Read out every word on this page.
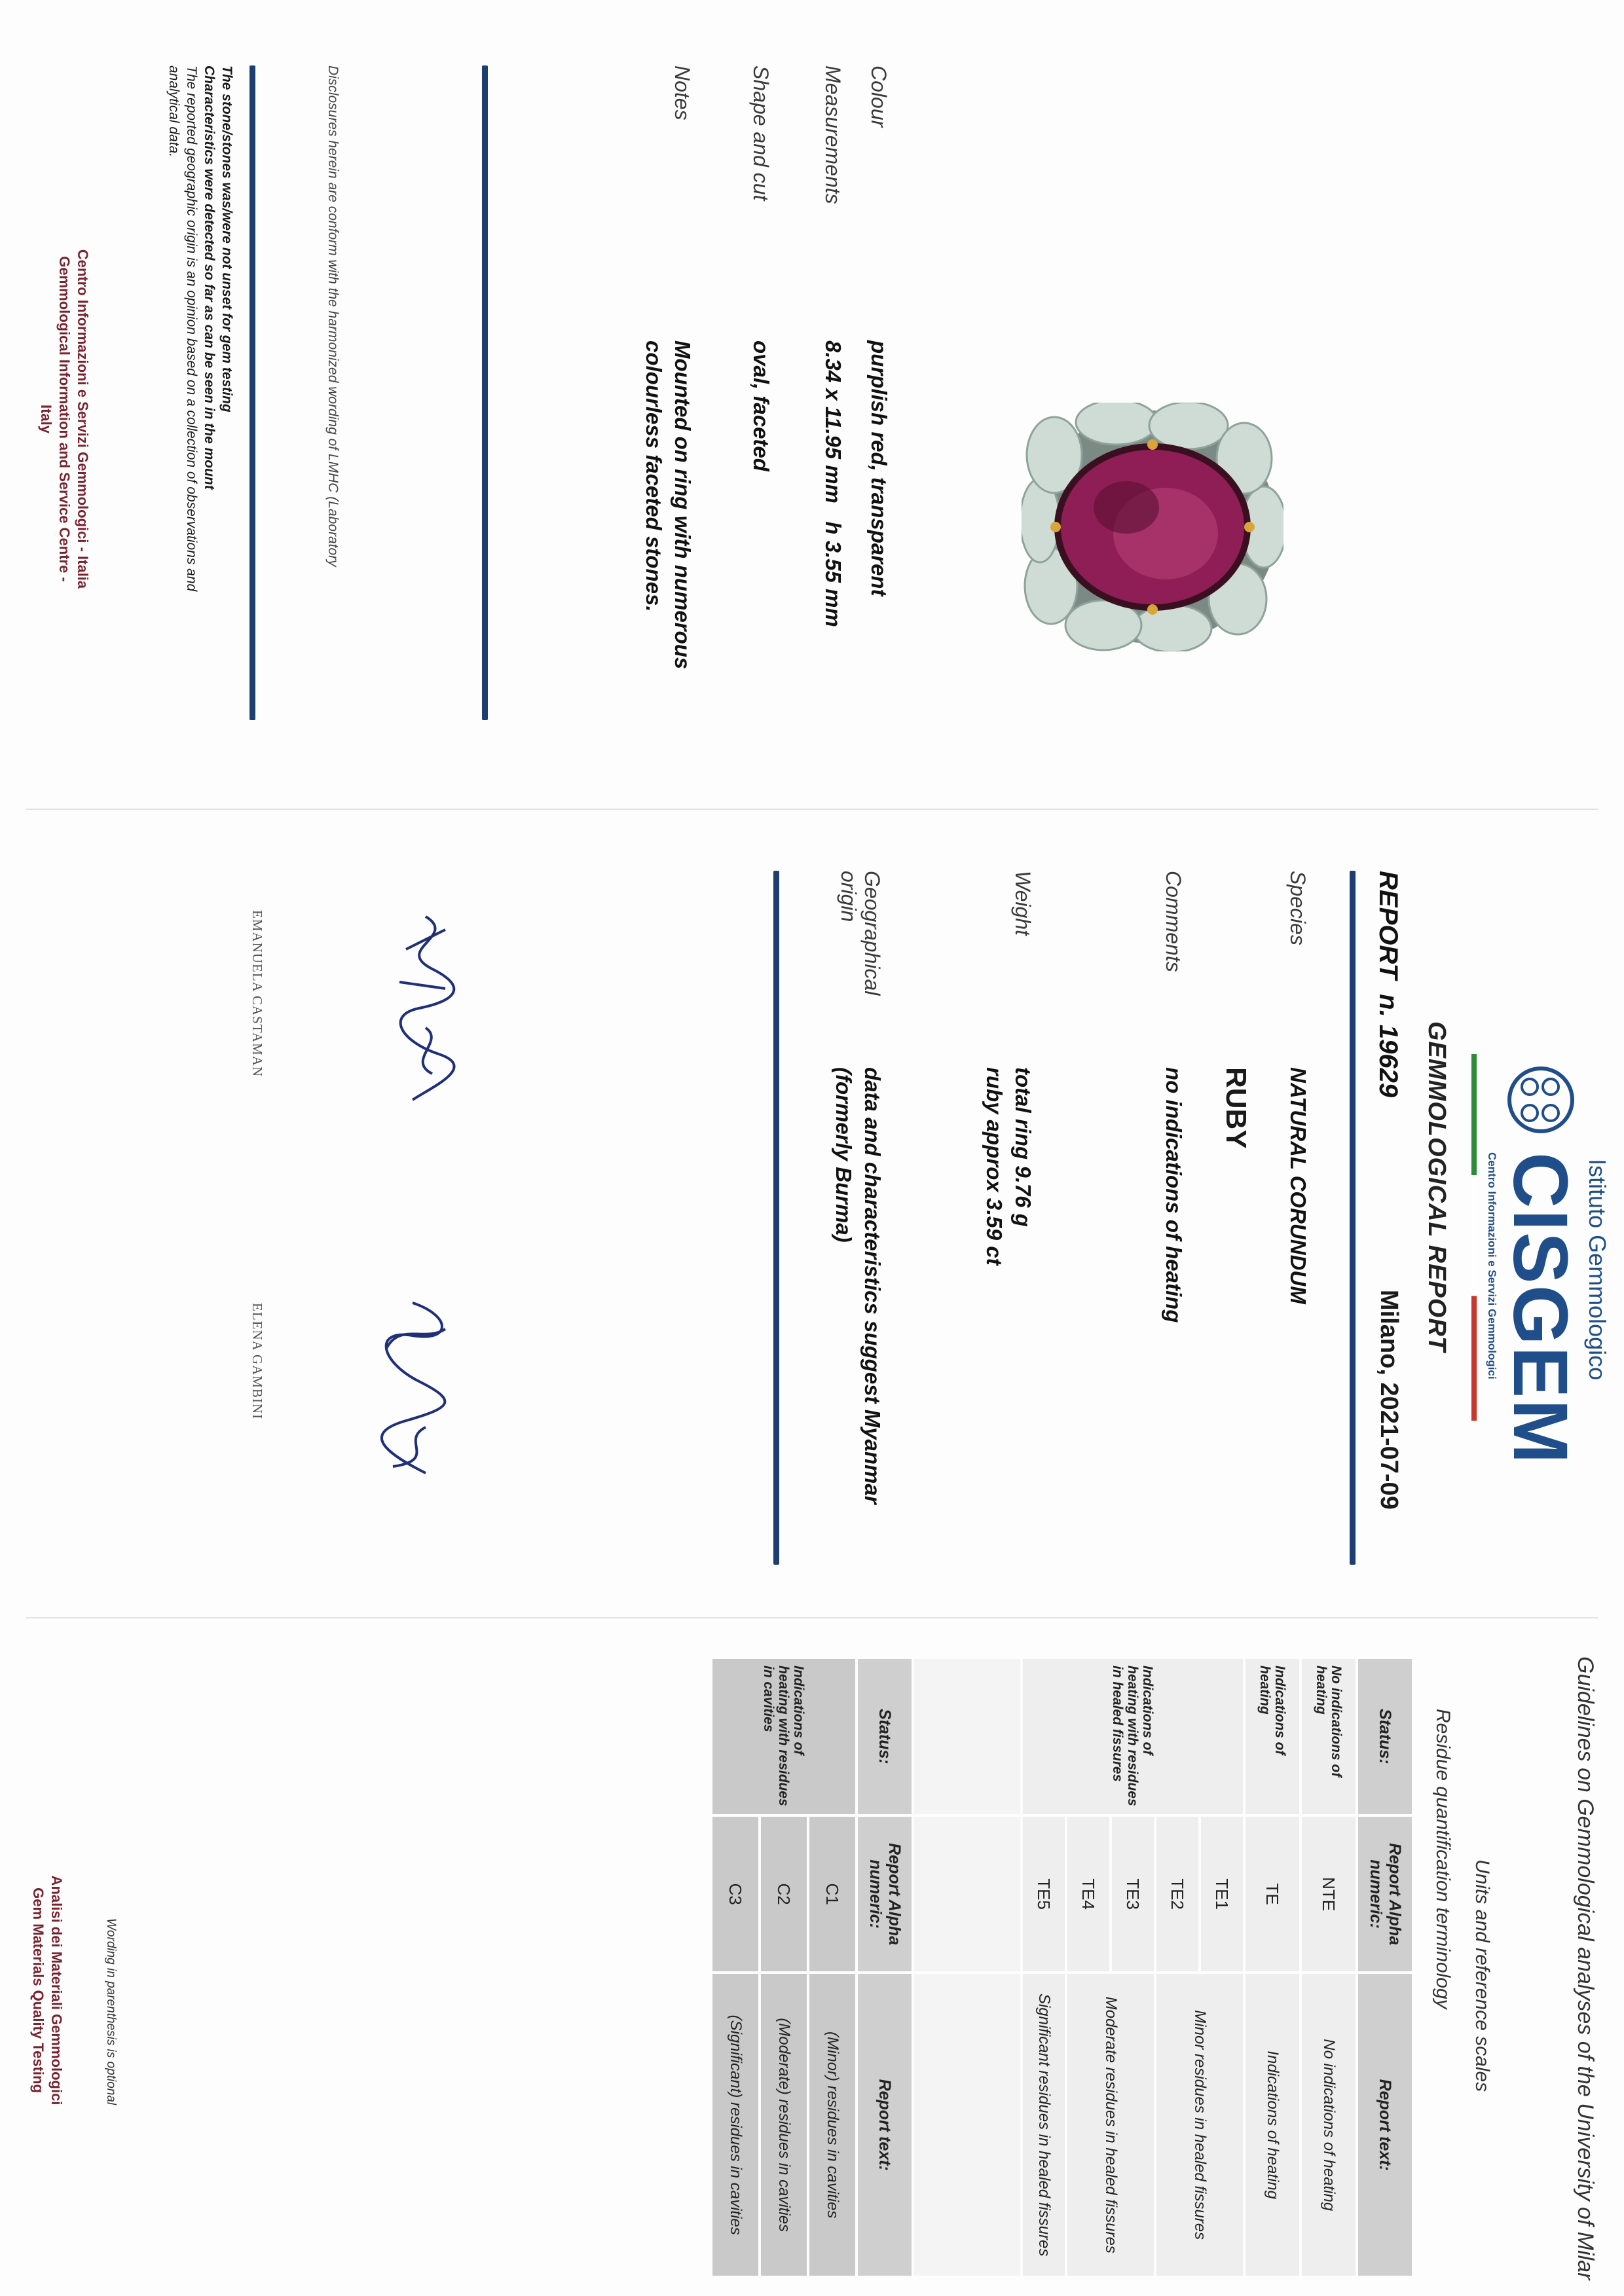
Colour
purplish red, transparent
Measurements
8.34 x 11.95 mm   h 3.55 mm
Shape and cut
oval, faceted
Notes
Mounted on ring with numerous
colourless faceted stones.
Disclosures herein are conform with the harmonized wording of LMHC (Laboratory
The stone/stones was/were not unset for gem testing
Characteristics were detected so far as can be seen in the mount
The reported geographic origin is an opinion based on a collection of observations and
analytical data.
Centro Informazioni e Servizi Gemmologici - Italia
Gemmological Information and Service Centre - Italy
Istituto Gemmologico
CISGEM
Centro Informazioni e Servizi Gemmologici
GEMMOLOGICAL REPORT
REPORT  n. 19629
Milano, 2021-07-09
Species
NATURAL CORUNDUM
RUBY
Comments
no indications of heating
Weight
total ring 9.76 g
ruby approx 3.59 ct
Geographical
origin
data and characteristics suggest Myanmar
(formerly Burma)
EMANUELA CASTAMAN
ELENA GAMBINI
Guidelines on Gemmological analyses of the University of Milar
Units and reference scales
Residue quantification terminology
Status:	Report Alpha numeric:	Report text:
No indications of heating	NTE	No indications of heating
Indications of heating	TE	Indications of heating
Indications of heating with residues in healed fissures	TE1	Minor residues in healed fissures
	TE2	
	TE3	Moderate residues in healed fissures
	TE4	
	TE5	Significant residues in healed fissures

Status:	Report Alpha numeric:	Report text:
Indications of heating with residues in cavities	C1	(Minor) residues in cavities
	C2	(Moderate) residues in cavities
	C3	(Significant) residues in cavities
Wording in parenthesis is optional
Analisi dei Materiali Gemmologici
Gem Materials Quality Testing
